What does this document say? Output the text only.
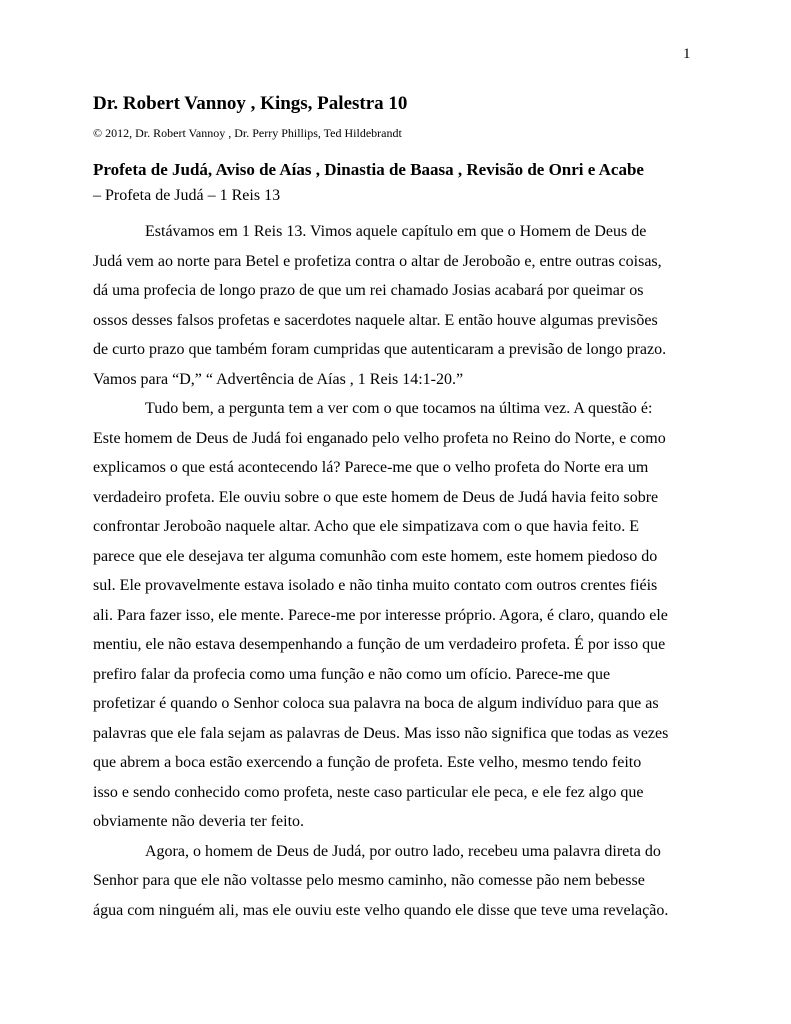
1
Dr. Robert Vannoy , Kings, Palestra 10
© 2012, Dr. Robert Vannoy , Dr. Perry Phillips, Ted Hildebrandt
Profeta de Judá, Aviso de Aías , Dinastia de Baasa , Revisão de Onri e Acabe
– Profeta de Judá – 1 Reis 13
Estávamos em 1 Reis 13. Vimos aquele capítulo em que o Homem de Deus de
Judá vem ao norte para Betel e profetiza contra o altar de Jeroboão e, entre outras coisas,
dá uma profecia de longo prazo de que um rei chamado Josias acabará por queimar os
ossos desses falsos profetas e sacerdotes naquele altar. E então houve algumas previsões
de curto prazo que também foram cumpridas que autenticaram a previsão de longo prazo.
Vamos para “D,” “ Advertência de Aías , 1 Reis 14:1-20.”
Tudo bem, a pergunta tem a ver com o que tocamos na última vez. A questão é:
Este homem de Deus de Judá foi enganado pelo velho profeta no Reino do Norte, e como
explicamos o que está acontecendo lá? Parece-me que o velho profeta do Norte era um
verdadeiro profeta. Ele ouviu sobre o que este homem de Deus de Judá havia feito sobre
confrontar Jeroboão naquele altar. Acho que ele simpatizava com o que havia feito. E
parece que ele desejava ter alguma comunhão com este homem, este homem piedoso do
sul. Ele provavelmente estava isolado e não tinha muito contato com outros crentes fiéis
ali. Para fazer isso, ele mente. Parece-me por interesse próprio. Agora, é claro, quando ele
mentiu, ele não estava desempenhando a função de um verdadeiro profeta. É por isso que
prefiro falar da profecia como uma função e não como um ofício. Parece-me que
profetizar é quando o Senhor coloca sua palavra na boca de algum indivíduo para que as
palavras que ele fala sejam as palavras de Deus. Mas isso não significa que todas as vezes
que abrem a boca estão exercendo a função de profeta. Este velho, mesmo tendo feito
isso e sendo conhecido como profeta, neste caso particular ele peca, e ele fez algo que
obviamente não deveria ter feito.
Agora, o homem de Deus de Judá, por outro lado, recebeu uma palavra direta do
Senhor para que ele não voltasse pelo mesmo caminho, não comesse pão nem bebesse
água com ninguém ali, mas ele ouviu este velho quando ele disse que teve uma revelação.
